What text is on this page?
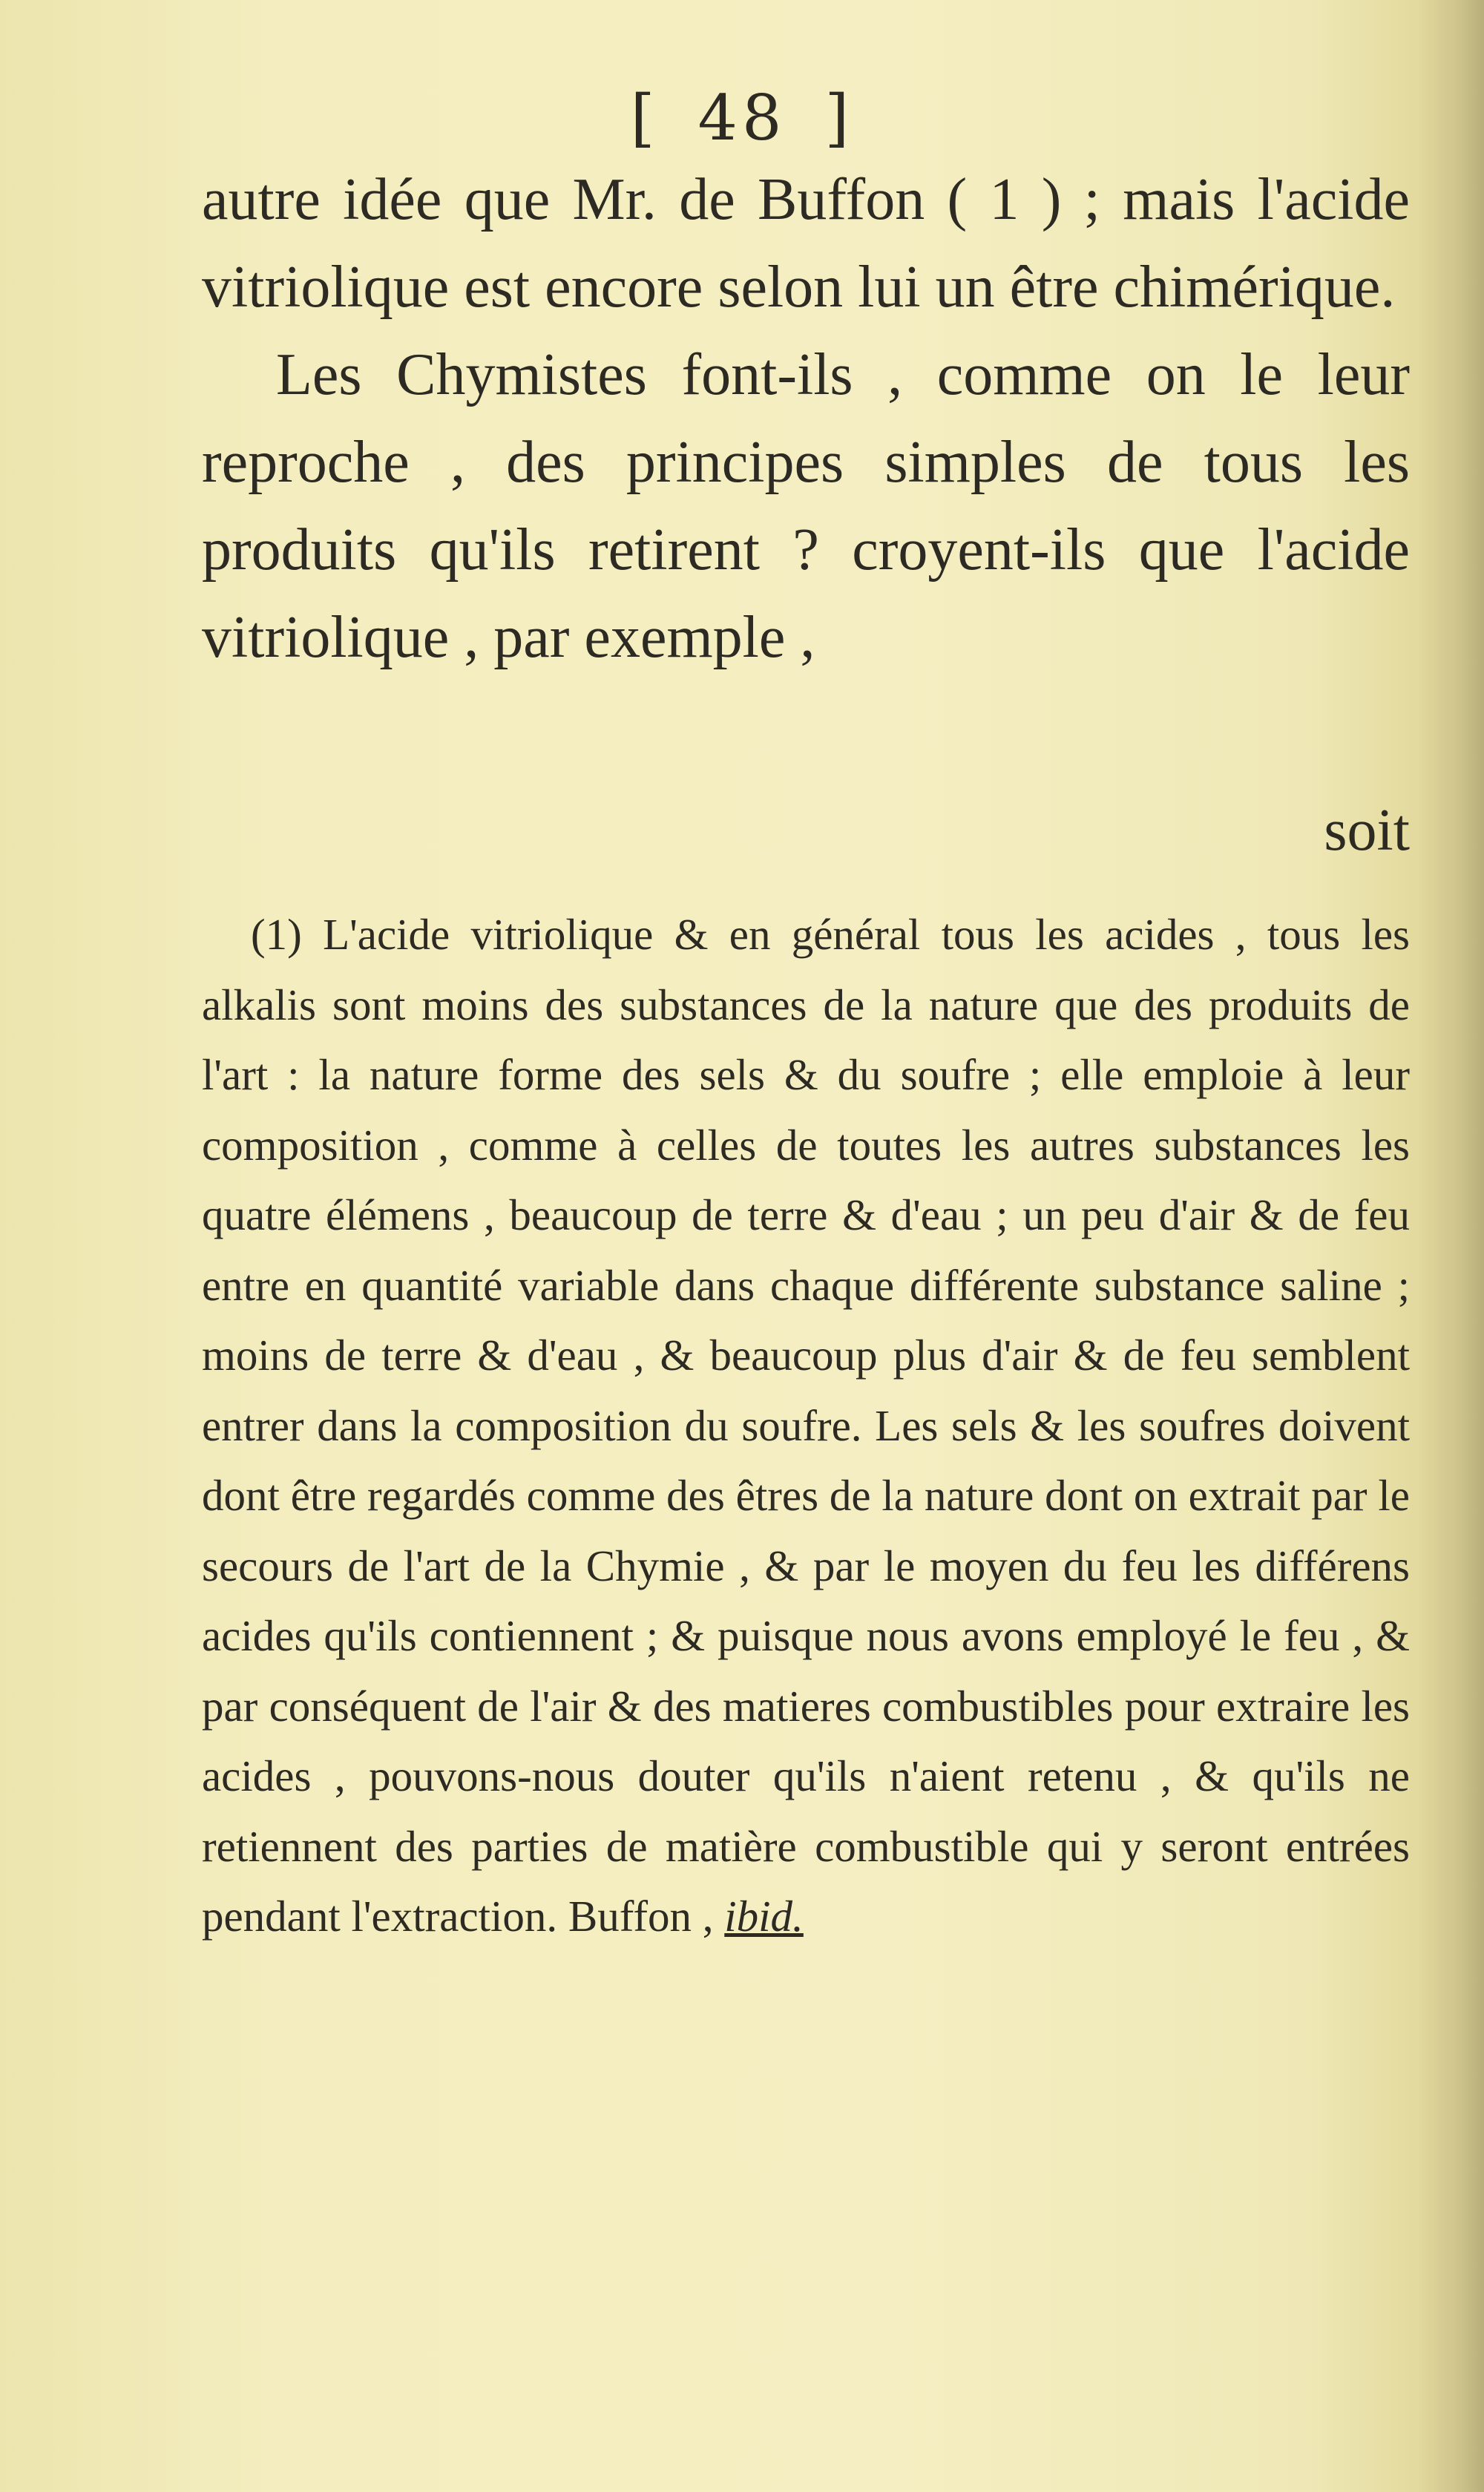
[ 48 ]

autre idée que Mr. de Buffon ( 1 ) ; mais l'acide vitriolique est encore selon lui un être chimérique.

Les Chymistes font-ils , comme on le leur reproche , des principes simples de tous les produits qu'ils retirent ? croyent-ils que l'acide vitriolique , par exemple ,

soit

(1) L'acide vitriolique & en général tous les acides , tous les alkalis sont moins des substances de la nature que des produits de l'art : la nature forme des sels & du soufre ; elle emploie à leur composition , comme à celles de toutes les autres substances les quatre élémens , beaucoup de terre & d'eau ; un peu d'air & de feu entre en quantité variable dans chaque différente substance saline ; moins de terre & d'eau , & beaucoup plus d'air & de feu semblent entrer dans la composition du soufre. Les sels & les soufres doivent dont être regardés comme des êtres de la nature dont on extrait par le secours de l'art de la Chymie , & par le moyen du feu les différens acides qu'ils contiennent ; & puisque nous avons employé le feu , & par conséquent de l'air & des matieres combustibles pour extraire les acides , pouvons-nous douter qu'ils n'aient retenu , & qu'ils ne retiennent des parties de matière combustible qui y seront entrées pendant l'extraction. Buffon , ibid.
